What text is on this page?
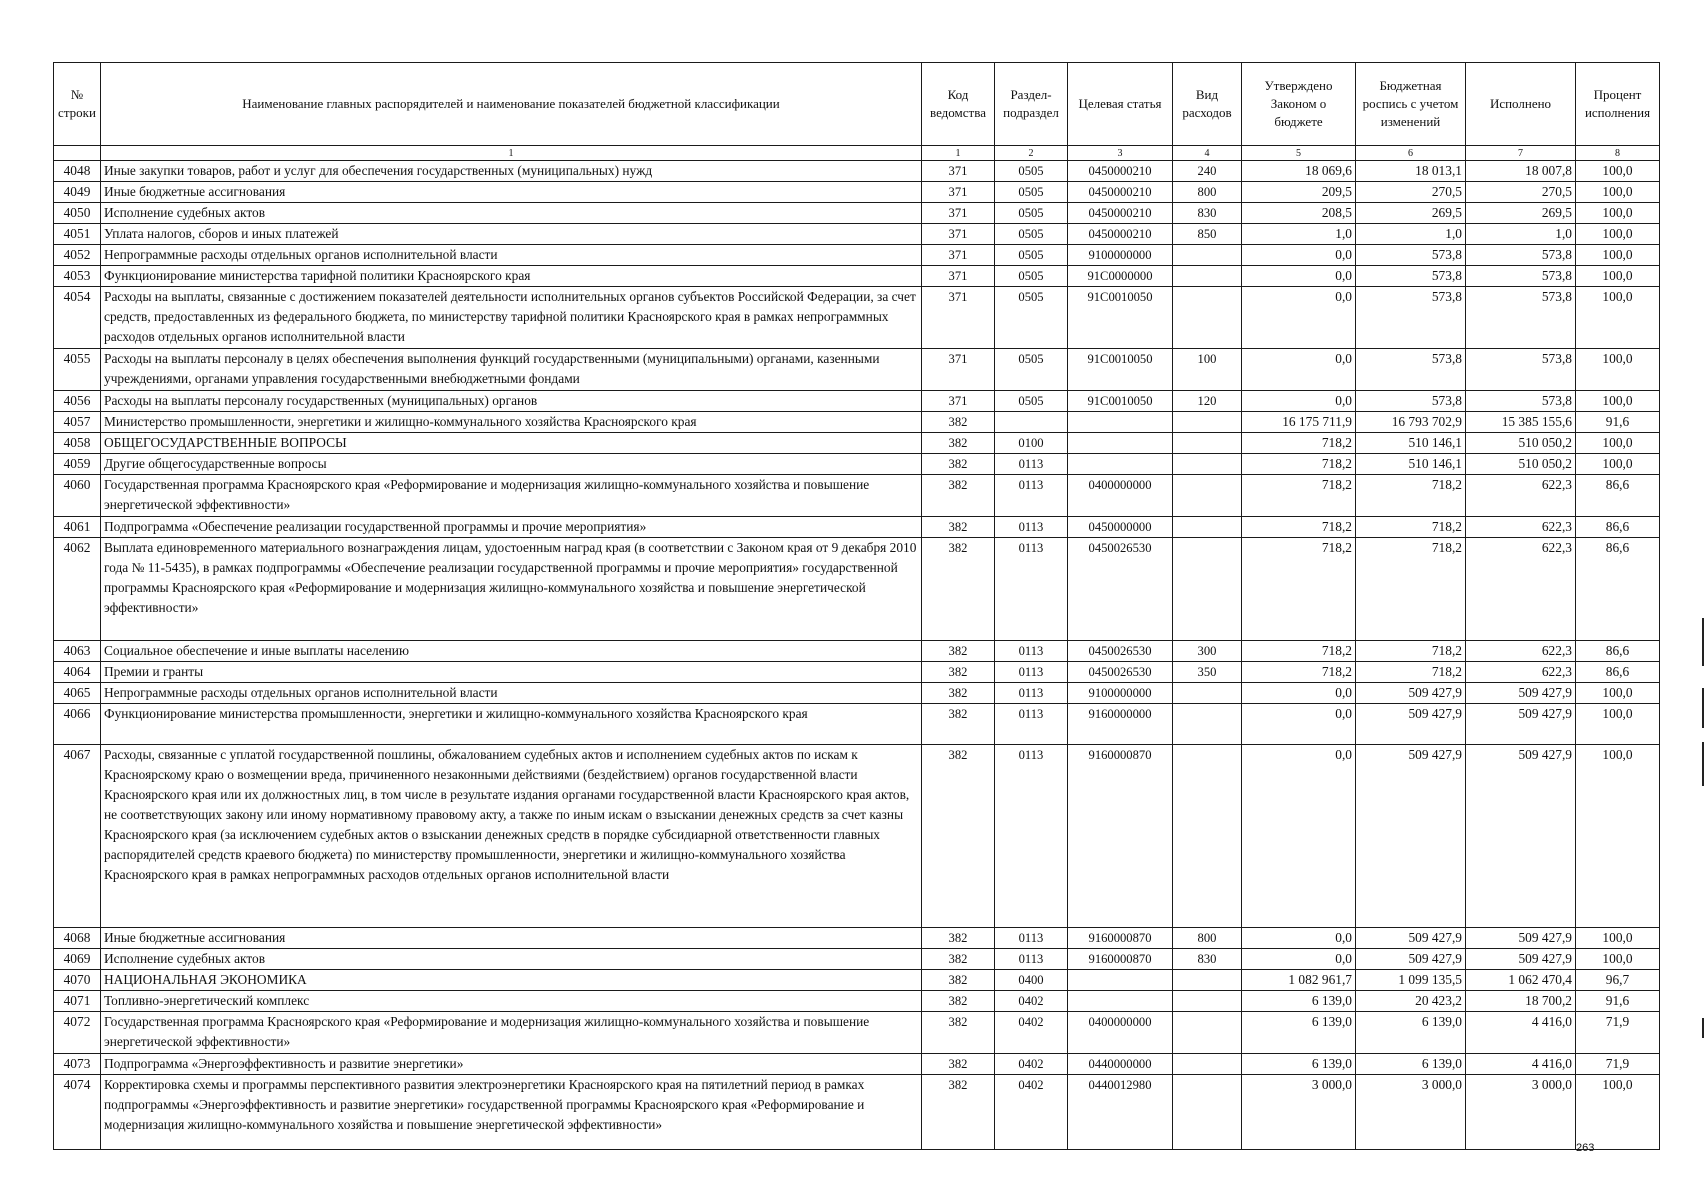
№ строки	Наименование главных распорядителей и наименование показателей бюджетной классификации	Код ведомства	Раздел-подраздел	Целевая статья	Вид расходов	Утверждено Законом о бюджете	Бюджетная роспись с учетом изменений	Исполнено	Процент исполнения
	1	1	2	3	4	5	6	7	8
4048	Иные закупки товаров, работ и услуг для обеспечения государственных (муниципальных) нужд	371	0505	0450000210	240	18 069,6	18 013,1	18 007,8	100,0
4049	Иные бюджетные ассигнования	371	0505	0450000210	800	209,5	270,5	270,5	100,0
4050	Исполнение судебных актов	371	0505	0450000210	830	208,5	269,5	269,5	100,0
4051	Уплата налогов, сборов и иных платежей	371	0505	0450000210	850	1,0	1,0	1,0	100,0
4052	Непрограммные расходы отдельных органов исполнительной власти	371	0505	9100000000		0,0	573,8	573,8	100,0
4053	Функционирование министерства тарифной политики Красноярского края	371	0505	91С0000000		0,0	573,8	573,8	100,0
4054	Расходы на выплаты, связанные с достижением показателей деятельности исполнительных органов субъектов Российской Федерации, за счет средств, предоставленных из федерального бюджета, по министерству тарифной политики Красноярского края в рамках непрограммных расходов отдельных органов исполнительной власти	371	0505	91С0010050		0,0	573,8	573,8	100,0
4055	Расходы на выплаты персоналу в целях обеспечения выполнения функций государственными (муниципальными) органами, казенными учреждениями, органами управления государственными внебюджетными фондами	371	0505	91С0010050	100	0,0	573,8	573,8	100,0
4056	Расходы на выплаты персоналу государственных (муниципальных) органов	371	0505	91С0010050	120	0,0	573,8	573,8	100,0
4057	Министерство промышленности, энергетики и жилищно-коммунального хозяйства Красноярского края	382				16 175 711,9	16 793 702,9	15 385 155,6	91,6
4058	ОБЩЕГОСУДАРСТВЕННЫЕ ВОПРОСЫ	382	0100			718,2	510 146,1	510 050,2	100,0
4059	Другие общегосударственные вопросы	382	0113			718,2	510 146,1	510 050,2	100,0
4060	Государственная программа Красноярского края «Реформирование и модернизация жилищно-коммунального хозяйства и повышение энергетической эффективности»	382	0113	0400000000		718,2	718,2	622,3	86,6
4061	Подпрограмма «Обеспечение реализации государственной программы и прочие мероприятия»	382	0113	0450000000		718,2	718,2	622,3	86,6
4062	Выплата единовременного материального вознаграждения лицам, удостоенным наград края (в соответствии с Законом края от 9 декабря 2010 года № 11-5435), в рамках подпрограммы «Обеспечение реализации государственной программы и прочие мероприятия» государственной программы Красноярского края «Реформирование и модернизация жилищно-коммунального хозяйства и повышение энергетической эффективности»	382	0113	0450026530		718,2	718,2	622,3	86,6
4063	Социальное обеспечение и иные выплаты населению	382	0113	0450026530	300	718,2	718,2	622,3	86,6
4064	Премии и гранты	382	0113	0450026530	350	718,2	718,2	622,3	86,6
4065	Непрограммные расходы отдельных органов исполнительной власти	382	0113	9100000000		0,0	509 427,9	509 427,9	100,0
4066	Функционирование министерства промышленности, энергетики и жилищно-коммунального хозяйства Красноярского края	382	0113	9160000000		0,0	509 427,9	509 427,9	100,0
4067	Расходы, связанные с уплатой государственной пошлины, обжалованием судебных актов и исполнением судебных актов по искам к Красноярскому краю о возмещении вреда, причиненного незаконными действиями (бездействием) органов государственной власти Красноярского края или их должностных лиц, в том числе в результате издания органами государственной власти Красноярского края актов, не соответствующих закону или иному нормативному правовому акту, а также по иным искам о взыскании денежных средств за счет казны Красноярского края (за исключением судебных актов о взыскании денежных средств в порядке субсидиарной ответственности главных распорядителей средств краевого бюджета) по министерству промышленности, энергетики и жилищно-коммунального хозяйства Красноярского края в рамках непрограммных расходов отдельных органов исполнительной власти	382	0113	9160000870		0,0	509 427,9	509 427,9	100,0
4068	Иные бюджетные ассигнования	382	0113	9160000870	800	0,0	509 427,9	509 427,9	100,0
4069	Исполнение судебных актов	382	0113	9160000870	830	0,0	509 427,9	509 427,9	100,0
4070	НАЦИОНАЛЬНАЯ ЭКОНОМИКА	382	0400			1 082 961,7	1 099 135,5	1 062 470,4	96,7
4071	Топливно-энергетический комплекс	382	0402			6 139,0	20 423,2	18 700,2	91,6
4072	Государственная программа Красноярского края «Реформирование и модернизация жилищно-коммунального хозяйства и повышение энергетической эффективности»	382	0402	0400000000		6 139,0	6 139,0	4 416,0	71,9
4073	Подпрограмма «Энергоэффективность и развитие энергетики»	382	0402	0440000000		6 139,0	6 139,0	4 416,0	71,9
4074	Корректировка схемы и программы перспективного развития электроэнергетики Красноярского края на пятилетний период в рамках подпрограммы «Энергоэффективность и развитие энергетики» государственной программы Красноярского края «Реформирование и модернизация жилищно-коммунального хозяйства и повышение энергетической эффективности»	382	0402	0440012980		3 000,0	3 000,0	3 000,0	100,0
263
